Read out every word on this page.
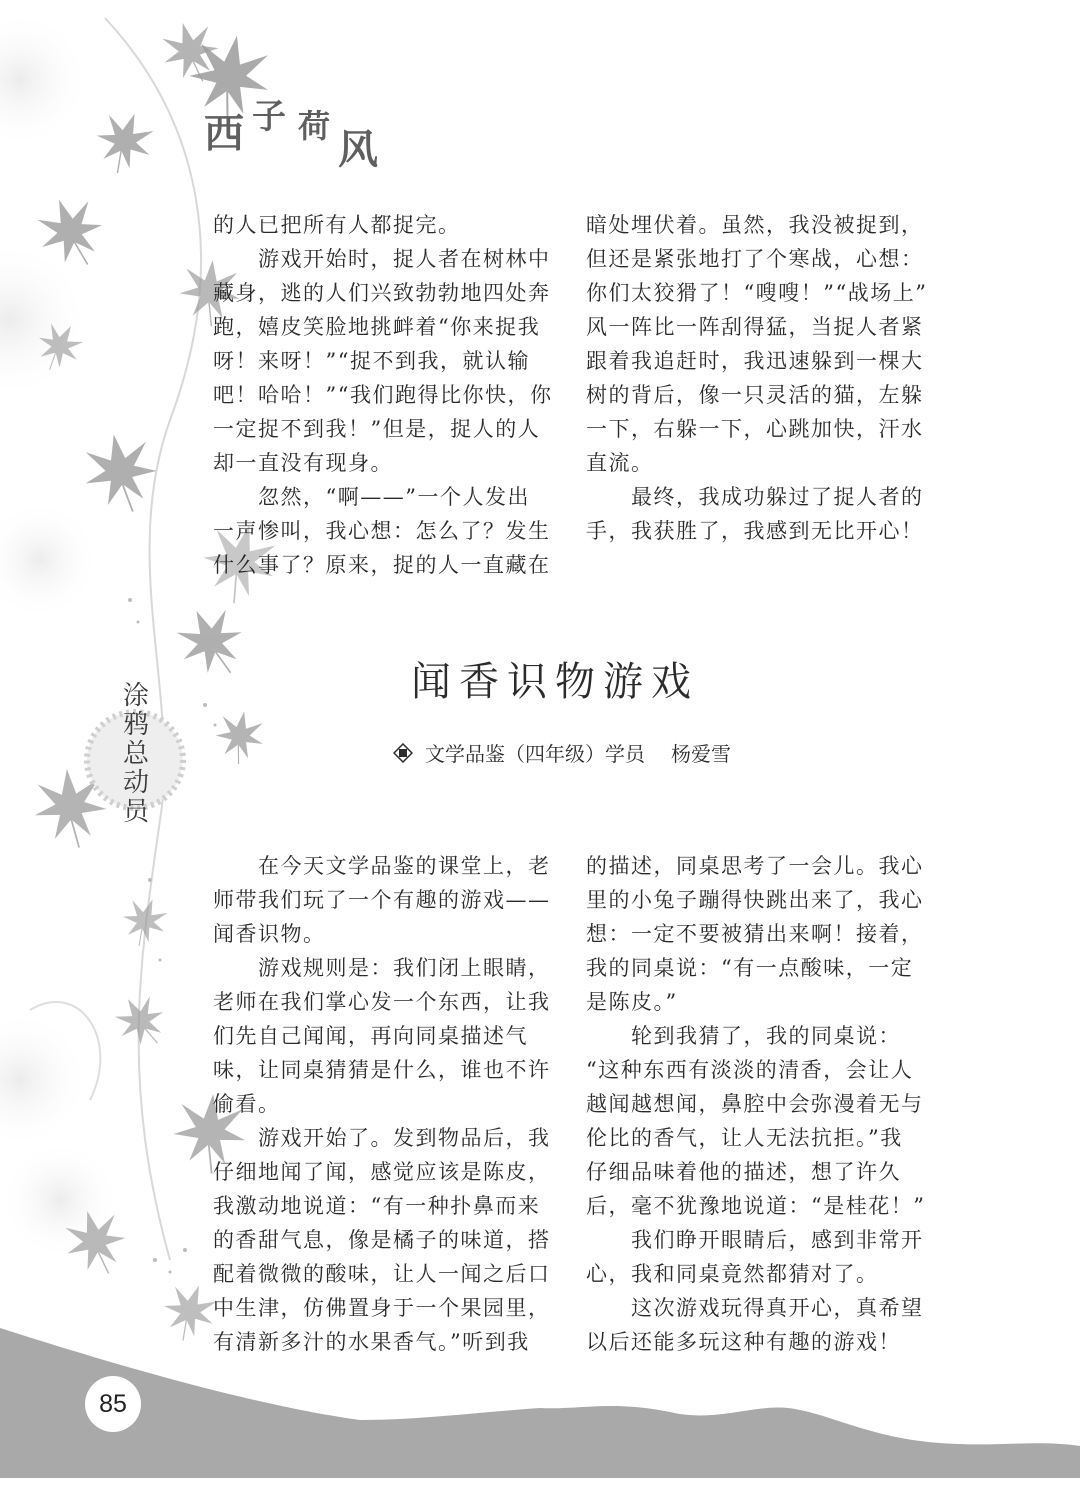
西 子 荷
风

的人已把所有人都捉完。

　　游戏开始时，捉人者在树林中

藏身，逃的人们兴致勃勃地四处奔

跑，嬉皮笑脸地挑衅着“你来捉我

呀！来呀！”“捉不到我，就认输

吧！哈哈！”“我们跑得比你快，你

一定捉不到我！”但是，捉人的人

却一直没有现身。

　　忽然，“啊——”一个人发出

一声惨叫，我心想：怎么了？发生

什么事了？原来，捉的人一直藏在

暗处埋伏着。虽然，我没被捉到，

但还是紧张地打了个寒战，心想：

你们太狡猾了！“嗖嗖！”“战场上”

风一阵比一阵刮得猛，当捉人者紧

跟着我追赶时，我迅速躲到一棵大

树的背后，像一只灵活的猫，左躲

一下，右躲一下，心跳加快，汗水

直流。

　　最终，我成功躲过了捉人者的

手，我获胜了，我感到无比开心！

涂
鸦
总
动
员
闻香识物游戏
文学品鉴（四年级）学员 杨爱雪

　　在今天文学品鉴的课堂上，老

师带我们玩了一个有趣的游戏——

闻香识物。

　　游戏规则是：我们闭上眼睛，

老师在我们掌心发一个东西，让我

们先自己闻闻，再向同桌描述气

味，让同桌猜猜是什么，谁也不许

偷看。

　　游戏开始了。发到物品后，我

仔细地闻了闻，感觉应该是陈皮，

我激动地说道：“有一种扑鼻而来

的香甜气息，像是橘子的味道，搭

配着微微的酸味，让人一闻之后口

中生津，仿佛置身于一个果园里，

有清新多汁的水果香气。”听到我

的描述，同桌思考了一会儿。我心

里的小兔子蹦得快跳出来了，我心

想：一定不要被猜出来啊！接着，

我的同桌说：“有一点酸味，一定

是陈皮。”

　　轮到我猜了，我的同桌说：

“这种东西有淡淡的清香，会让人

越闻越想闻，鼻腔中会弥漫着无与

伦比的香气，让人无法抗拒。”我

仔细品味着他的描述，想了许久

后，毫不犹豫地说道：“是桂花！”

　　我们睁开眼睛后，感到非常开

心，我和同桌竟然都猜对了。

　　这次游戏玩得真开心，真希望

以后还能多玩这种有趣的游戏！

85
